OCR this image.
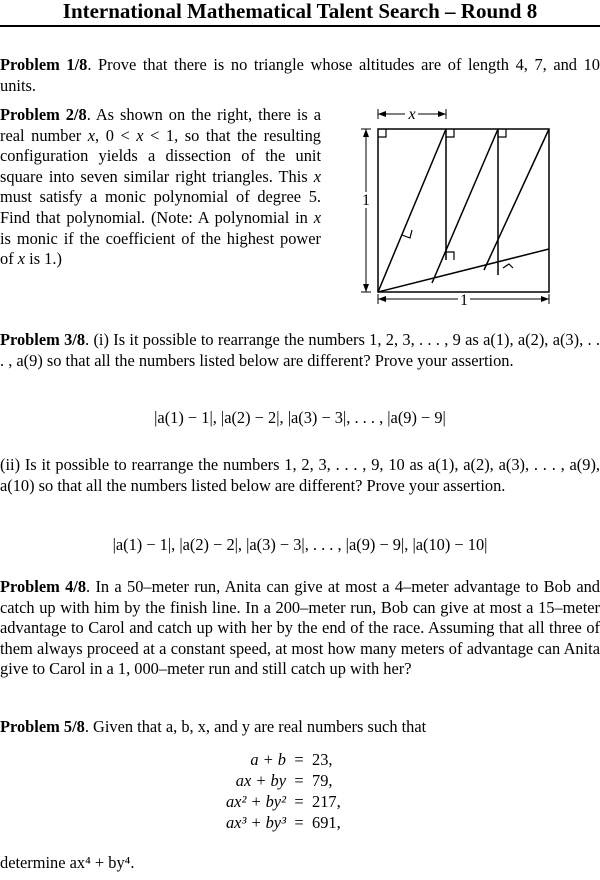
International Mathematical Talent Search – Round 8
Problem 1/8. Prove that there is no triangle whose altitudes are of length 4, 7, and 10 units.
Problem 2/8. As shown on the right, there is a real number x, 0 < x < 1, so that the resulting configuration yields a dissection of the unit square into seven similar right triangles. This x must satisfy a monic polynomial of degree 5. Find that polynomial. (Note: A polynomial in x is monic if the coefficient of the highest power of x is 1.)
x
1
1
Problem 3/8. (i) Is it possible to rearrange the numbers 1, 2, 3, . . . , 9 as a(1), a(2), a(3), . . . , a(9) so that all the numbers listed below are different? Prove your assertion.
|a(1) − 1|, |a(2) − 2|, |a(3) − 3|, . . . , |a(9) − 9|
(ii) Is it possible to rearrange the numbers 1, 2, 3, . . . , 9, 10 as a(1), a(2), a(3), . . . , a(9), a(10) so that all the numbers listed below are different? Prove your assertion.
|a(1) − 1|, |a(2) − 2|, |a(3) − 3|, . . . , |a(9) − 9|, |a(10) − 10|
Problem 4/8. In a 50–meter run, Anita can give at most a 4–meter advantage to Bob and catch up with him by the finish line. In a 200–meter run, Bob can give at most a 15–meter advantage to Carol and catch up with her by the end of the race. Assuming that all three of them always proceed at a constant speed, at most how many meters of advantage can Anita give to Carol in a 1, 000–meter run and still catch up with her?
Problem 5/8. Given that a, b, x, and y are real numbers such that
a + b = 23,
ax + by = 79,
ax² + by² = 217,
ax³ + by³ = 691,
determine ax⁴ + by⁴.
